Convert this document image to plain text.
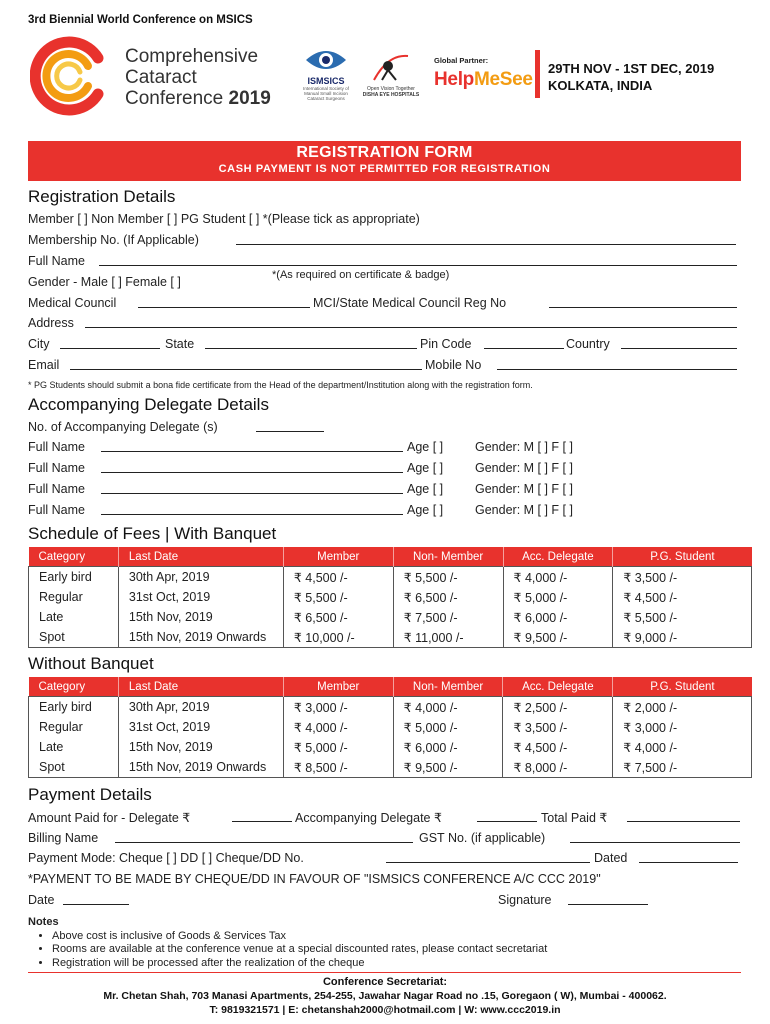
3rd Biennial World Conference on MSICS
Comprehensive
Cataract
Conference 2019
ISMSICS
International Society of Manual Small Incision Cataract Surgeons
Open Vision Together
DISHA EYE HOSPITALS
Global Partner:
HelpMeSee
29TH NOV - 1ST DEC, 2019
KOLKATA, INDIA
REGISTRATION FORM
CASH PAYMENT IS NOT PERMITTED FOR REGISTRATION
Registration Details
Member [ ] Non Member [ ] PG Student [ ] *(Please tick as appropriate)
Membership No. (If Applicable)
Full Name
Gender - Male [ ] Female [ ]	*(As required on certificate & badge)
Medical Council	MCI/State Medical Council Reg No
Address
City	State	Pin Code	Country
Email	Mobile No
* PG Students should submit a bona fide certificate from the Head of the department/Institution along with the registration form.
Accompanying Delegate Details
No. of Accompanying Delegate (s)
Full Name	Age [ ]	Gender: M [ ] F [ ]
Full Name	Age [ ]	Gender: M [ ] F [ ]
Full Name	Age [ ]	Gender: M [ ] F [ ]
Full Name	Age [ ]	Gender: M [ ] F [ ]
Schedule of Fees | With Banquet
Category	Last Date	Member	Non- Member	Acc. Delegate	P.G. Student
Early bird	30th Apr, 2019	₹ 4,500 /-	₹ 5,500 /-	₹ 4,000 /-	₹ 3,500 /-
Regular	31st Oct, 2019	₹ 5,500 /-	₹ 6,500 /-	₹ 5,000 /-	₹ 4,500 /-
Late	15th Nov, 2019	₹ 6,500 /-	₹ 7,500 /-	₹ 6,000 /-	₹ 5,500 /-
Spot	15th Nov, 2019 Onwards	₹ 10,000 /-	₹ 11,000 /-	₹ 9,500 /-	₹ 9,000 /-
Without Banquet
Category	Last Date	Member	Non- Member	Acc. Delegate	P.G. Student
Early bird	30th Apr, 2019	₹ 3,000 /-	₹ 4,000 /-	₹ 2,500 /-	₹ 2,000 /-
Regular	31st Oct, 2019	₹ 4,000 /-	₹ 5,000 /-	₹ 3,500 /-	₹ 3,000 /-
Late	15th Nov, 2019	₹ 5,000 /-	₹ 6,000 /-	₹ 4,500 /-	₹ 4,000 /-
Spot	15th Nov, 2019 Onwards	₹ 8,500 /-	₹ 9,500 /-	₹ 8,000 /-	₹ 7,500 /-
Payment Details
Amount Paid for - Delegate ₹	Accompanying Delegate ₹	Total Paid ₹
Billing Name	GST No. (if applicable)
Payment Mode: Cheque [ ] DD [ ] Cheque/DD No.	Dated
*PAYMENT TO BE MADE BY CHEQUE/DD IN FAVOUR OF "ISMSICS CONFERENCE A/C CCC 2019"
Date	Signature
Notes
• Above cost is inclusive of Goods & Services Tax
• Rooms are available at the conference venue at a special discounted rates, please contact secretariat
• Registration will be processed after the realization of the cheque
Conference Secretariat:
Mr. Chetan Shah, 703 Manasi Apartments, 254-255, Jawahar Nagar Road no .15, Goregaon ( W), Mumbai - 400062.
T: 9819321571 | E: chetanshah2000@hotmail.com | W: www.ccc2019.in
